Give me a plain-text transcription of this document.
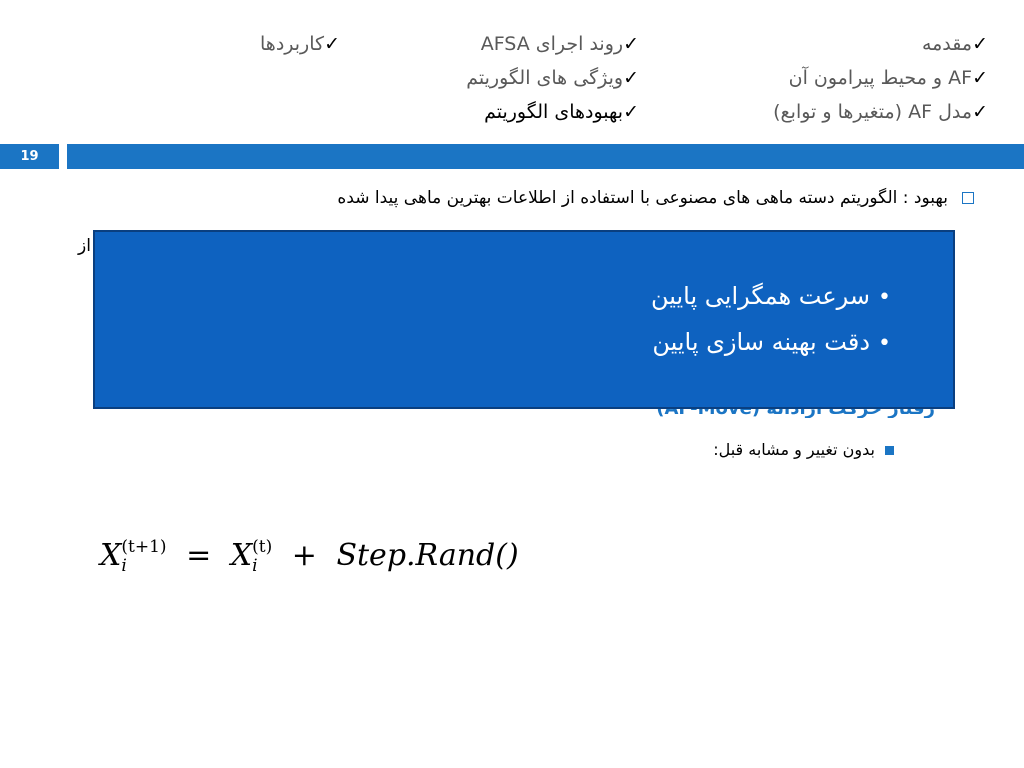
✓مقدمه
✓AF و محیط پیرامون آن
✓مدل AF (متغیرها و توابع)
✓روند اجرای AFSA
✓ویژگی های الگوریتم
✓بهبودهای الگوریتم
✓کاربردها
19
بهبود : الگوریتم دسته ماهی های مصنوعی با استفاده از اطلاعات بهترین ماهی پیدا شده
از
•سرعت همگرایی پایین
•دقت بهینه سازی پایین
بدون تغییر و مشابه قبل:
X (t+1)
i	= X (t)
i	+ Step.Rand()
